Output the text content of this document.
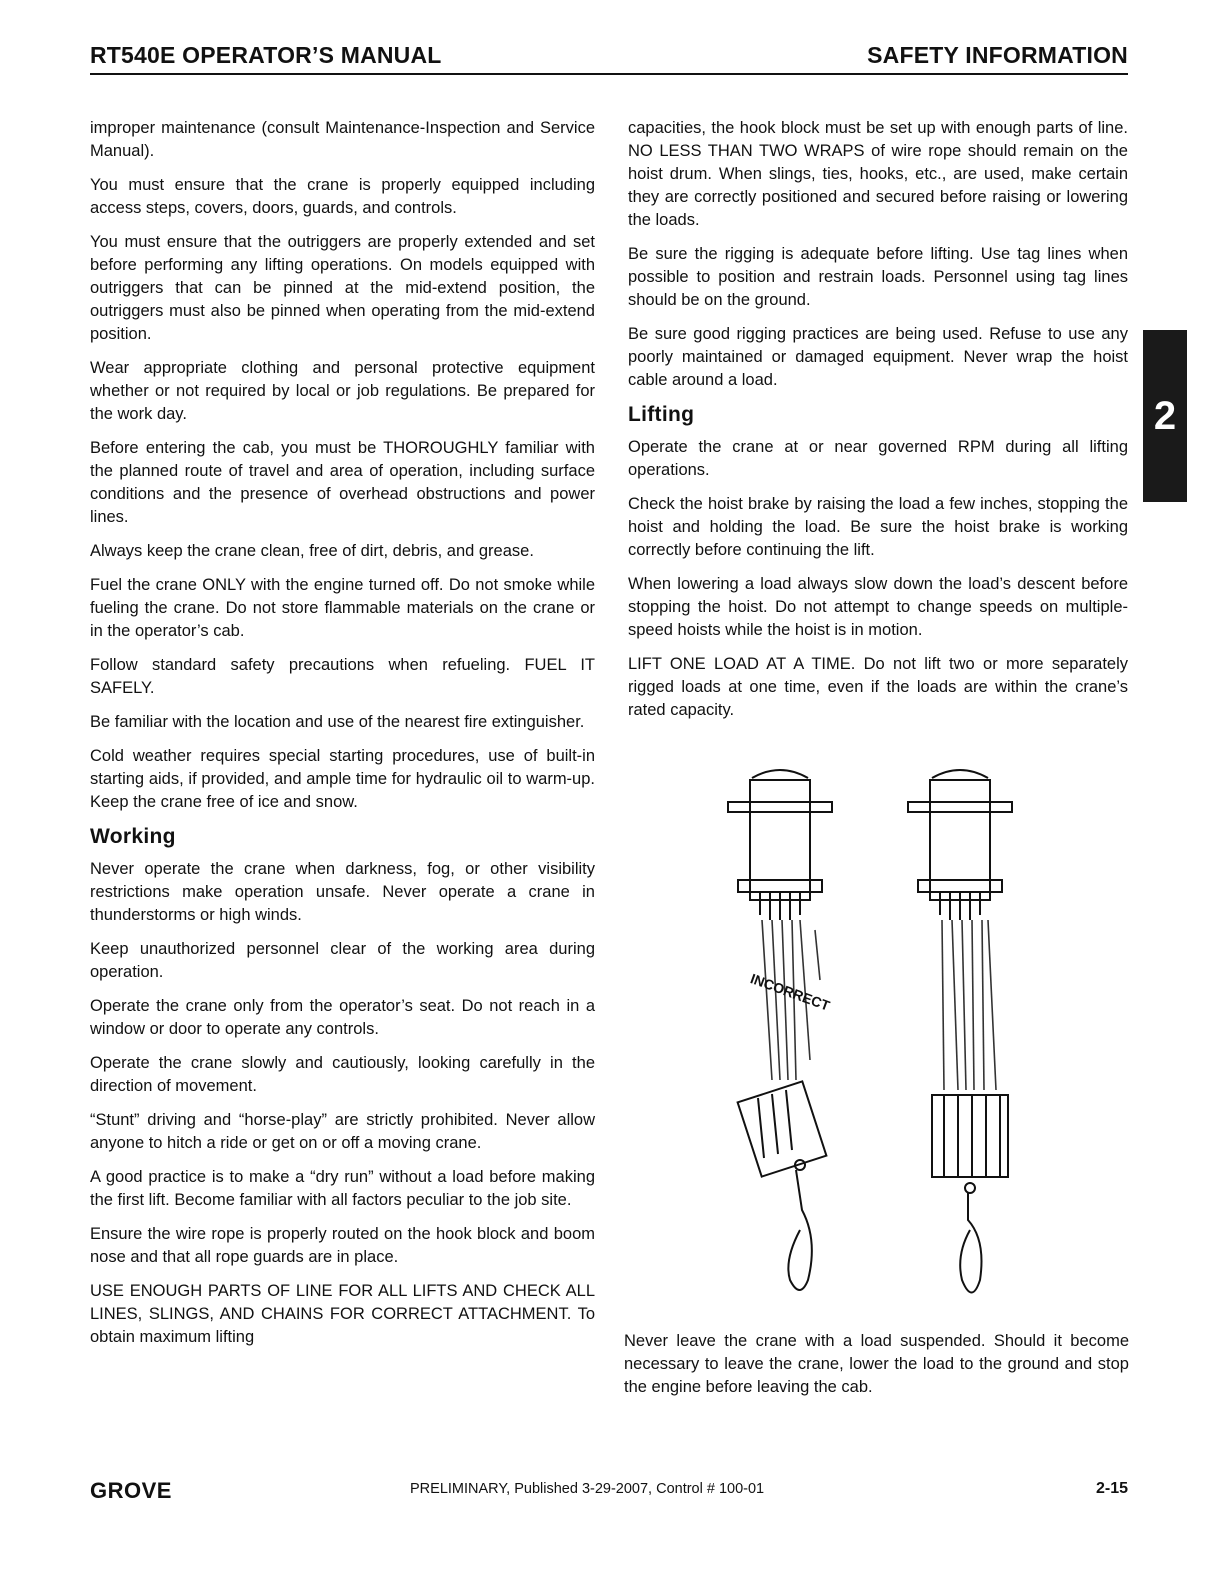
RT540E OPERATOR’S MANUAL	SAFETY INFORMATION

improper maintenance (consult Maintenance-Inspection and Service Manual).

You must ensure that the crane is properly equipped including access steps, covers, doors, guards, and controls.

You must ensure that the outriggers are properly extended and set before performing any lifting operations. On models equipped with outriggers that can be pinned at the mid-extend position, the outriggers must also be pinned when operating from the mid-extend position.

Wear appropriate clothing and personal protective equipment whether or not required by local or job regulations. Be prepared for the work day.

Before entering the cab, you must be THOROUGHLY familiar with the planned route of travel and area of operation, including surface conditions and the presence of overhead obstructions and power lines.

Always keep the crane clean, free of dirt, debris, and grease.

Fuel the crane ONLY with the engine turned off. Do not smoke while fueling the crane. Do not store flammable materials on the crane or in the operator’s cab.

Follow standard safety precautions when refueling. FUEL IT SAFELY.

Be familiar with the location and use of the nearest fire extinguisher.

Cold weather requires special starting procedures, use of built-in starting aids, if provided, and ample time for hydraulic oil to warm-up. Keep the crane free of ice and snow.

Working

Never operate the crane when darkness, fog, or other visibility restrictions make operation unsafe. Never operate a crane in thunderstorms or high winds.

Keep unauthorized personnel clear of the working area during operation.

Operate the crane only from the operator’s seat. Do not reach in a window or door to operate any controls.

Operate the crane slowly and cautiously, looking carefully in the direction of movement.

“Stunt” driving and “horse-play” are strictly prohibited. Never allow anyone to hitch a ride or get on or off a moving crane.

A good practice is to make a “dry run” without a load before making the first lift. Become familiar with all factors peculiar to the job site.

Ensure the wire rope is properly routed on the hook block and boom nose and that all rope guards are in place.

USE ENOUGH PARTS OF LINE FOR ALL LIFTS AND CHECK ALL LINES, SLINGS, AND CHAINS FOR CORRECT ATTACHMENT. To obtain maximum lifting

capacities, the hook block must be set up with enough parts of line. NO LESS THAN TWO WRAPS of wire rope should remain on the hoist drum. When slings, ties, hooks, etc., are used, make certain they are correctly positioned and secured before raising or lowering the loads.

Be sure the rigging is adequate before lifting. Use tag lines when possible to position and restrain loads. Personnel using tag lines should be on the ground.

Be sure good rigging practices are being used. Refuse to use any poorly maintained or damaged equipment. Never wrap the hoist cable around a load.

Lifting

Operate the crane at or near governed RPM during all lifting operations.

Check the hoist brake by raising the load a few inches, stopping the hoist and holding the load. Be sure the hoist brake is working correctly before continuing the lift.

When lowering a load always slow down the load’s descent before stopping the hoist. Do not attempt to change speeds on multiple-speed hoists while the hoist is in motion.

LIFT ONE LOAD AT A TIME. Do not lift two or more separately rigged loads at one time, even if the loads are within the crane’s rated capacity.

2
INCORRECT

Never leave the crane with a load suspended. Should it become necessary to leave the crane, lower the load to the ground and stop the engine before leaving the cab.

GROVE	PRELIMINARY, Published 3-29-2007, Control # 100-01	2-15
